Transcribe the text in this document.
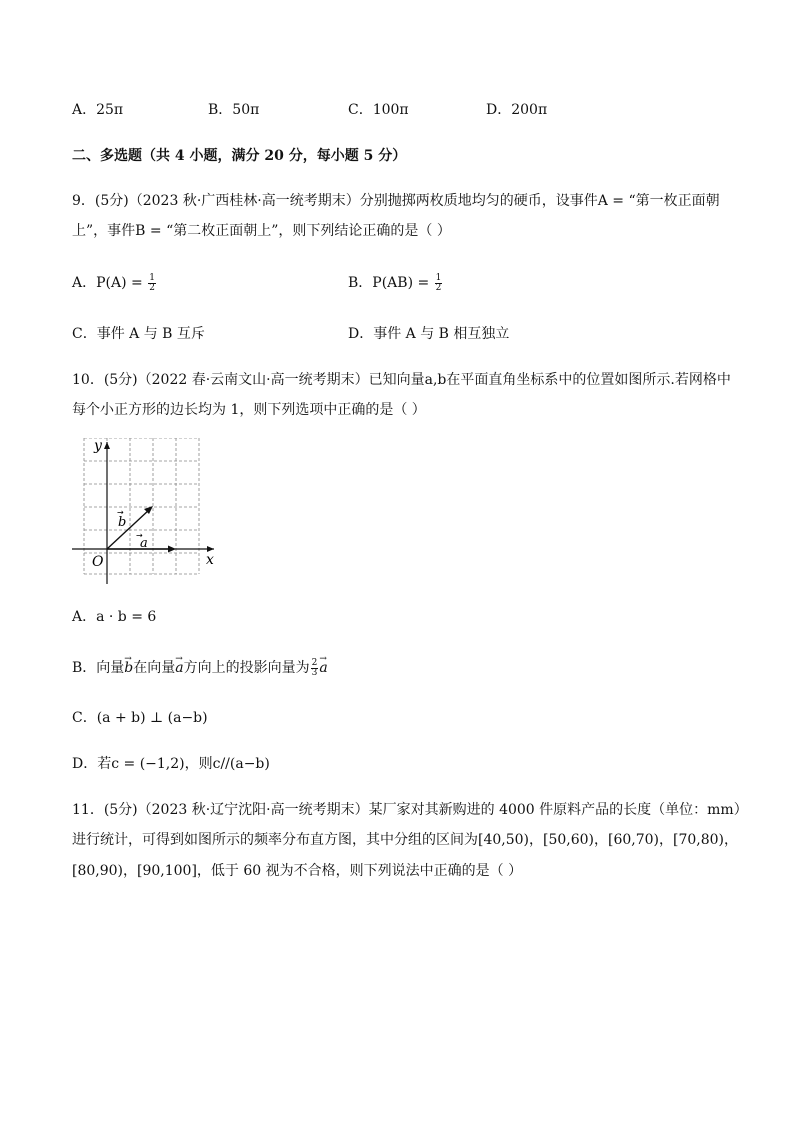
A．25π	B．50π	C．100π	D．200π
二、多选题（共 4 小题，满分 20 分，每小题 5 分）
9．(5分)（2023 秋·广西桂林·高一统考期末）分别抛掷两枚质地均匀的硬币，设事件A = “第一枚正面朝
上”，事件B = “第二枚正面朝上”，则下列结论正确的是（ ）
A．$P(A) = \frac{1}{2}$	B．$P(AB) = \frac{1}{2}$
C．事件 A 与 B 互斥	D．事件 A 与 B 相互独立
10．(5分)（2022 春·云南文山·高一统考期末）已知向量a,b在平面直角坐标系中的位置如图所示.若网格中
每个小正方形的边长均为 1，则下列选项中正确的是（ ）
y
x
O
a
→
b
→
A．a · b = 6
B．向量→ b在向量→ a方向上的投影向量为 $\frac{2}{3}$
→ a
C．(a + b) ⊥ (a−b)
D．若c = (−1,2)，则c//(a−b)
11．(5分)（2023 秋·辽宁沈阳·高一统考期末）某厂家对其新购进的 4000 件原料产品的长度（单位：mm）
进行统计，可得到如图所示的频率分布直方图，其中分组的区间为[40,50)，[50,60)，[60,70)，[70,80)，
[80,90)，[90,100]，低于 60 视为不合格，则下列说法中正确的是（ ）
